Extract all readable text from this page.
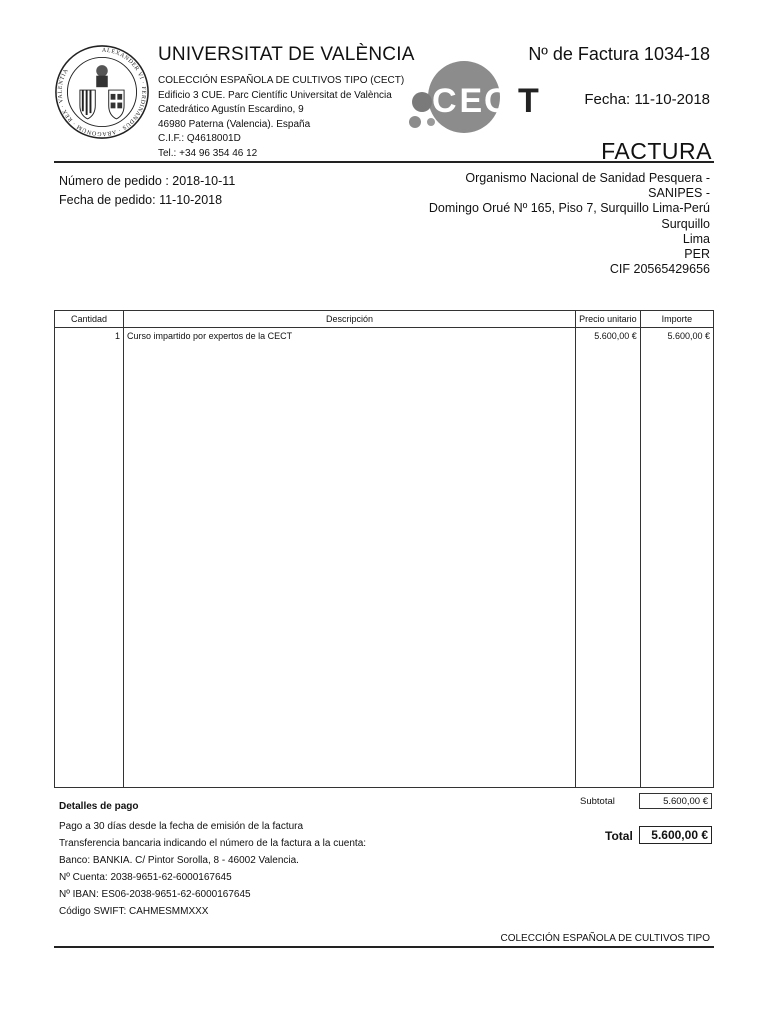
ALEXANDER VI · FERDINANDUS · ARAGONUM · REX · VALENTIA
UNIVERSITAT DE VALÈNCIA
COLECCIÓN ESPAÑOLA DE CULTIVOS TIPO (CECT)
Edificio 3 CUE. Parc Científic Universitat de València
Catedrático Agustín Escardino, 9
46980 Paterna (Valencia). España
C.I.F.: Q4618001D
Tel.: +34 96 354 46 12
CE
C T
Nº de Factura 1034-18
Fecha: 11-10-2018
FACTURA
Número de pedido : 2018-10-11
Fecha de pedido: 11-10-2018
Organismo Nacional de Sanidad Pesquera -
SANIPES -
Domingo Orué Nº 165, Piso 7, Surquillo Lima-Perú
Surquillo
Lima
PER
CIF 20565429656
Cantidad	Descripción	Precio unitario	Importe
1	Curso impartido por expertos de la CECT	5.600,00 €	5.600,00 €

Subtotal	5.600,00 €
Total	5.600,00 €
Detalles de pago
Pago a 30 días desde la fecha de emisión de la factura
Transferencia bancaria indicando el número de la factura a la cuenta:
Banco: BANKIA. C/ Pintor Sorolla, 8 - 46002 Valencia.
Nº Cuenta: 2038-9651-62-6000167645
Nº IBAN: ES06-2038-9651-62-6000167645
Código SWIFT: CAHMESMMXXX
COLECCIÓN ESPAÑOLA DE CULTIVOS TIPO
